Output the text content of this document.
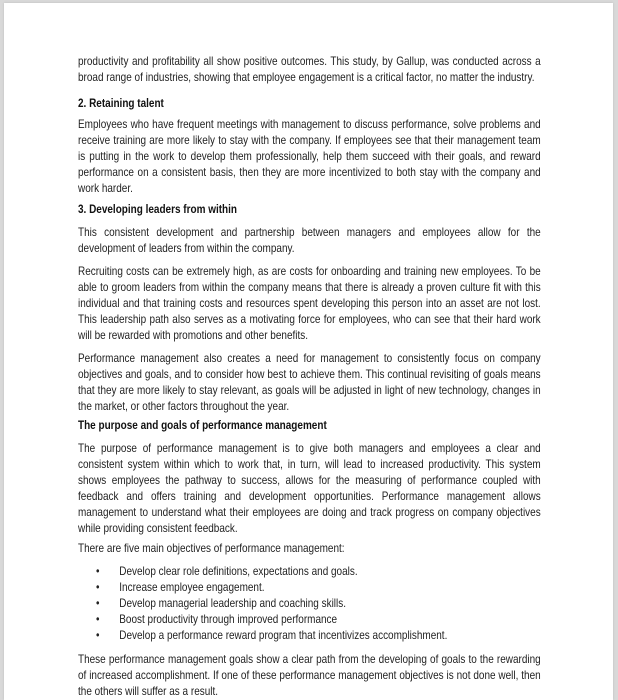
productivity and profitability all show positive outcomes. This study, by Gallup, was conducted across a broad range of industries, showing that employee engagement is a critical factor, no matter the industry.

2. Retaining talent

Employees who have frequent meetings with management to discuss performance, solve problems and receive training are more likely to stay with the company. If employees see that their management team is putting in the work to develop them professionally, help them succeed with their goals, and reward performance on a consistent basis, then they are more incentivized to both stay with the company and work harder.

3. Developing leaders from within

This consistent development and partnership between managers and employees allow for the development of leaders from within the company.

Recruiting costs can be extremely high, as are costs for onboarding and training new employees. To be able to groom leaders from within the company means that there is already a proven culture fit with this individual and that training costs and resources spent developing this person into an asset are not lost. This leadership path also serves as a motivating force for employees, who can see that their hard work will be rewarded with promotions and other benefits.

Performance management also creates a need for management to consistently focus on company objectives and goals, and to consider how best to achieve them. This continual revisiting of goals means that they are more likely to stay relevant, as goals will be adjusted in light of new technology, changes in the market, or other factors throughout the year.

The purpose and goals of performance management

The purpose of performance management is to give both managers and employees a clear and consistent system within which to work that, in turn, will lead to increased productivity. This system shows employees the pathway to success, allows for the measuring of performance coupled with feedback and offers training and development opportunities. Performance management allows management to understand what their employees are doing and track progress on company objectives while providing consistent feedback.

There are five main objectives of performance management:

• Develop clear role definitions, expectations and goals.
• Increase employee engagement.
• Develop managerial leadership and coaching skills.
• Boost productivity through improved performance
• Develop a performance reward program that incentivizes accomplishment.

These performance management goals show a clear path from the developing of goals to the rewarding of increased accomplishment. If one of these performance management objectives is not done well, then the others will suffer as a result.
